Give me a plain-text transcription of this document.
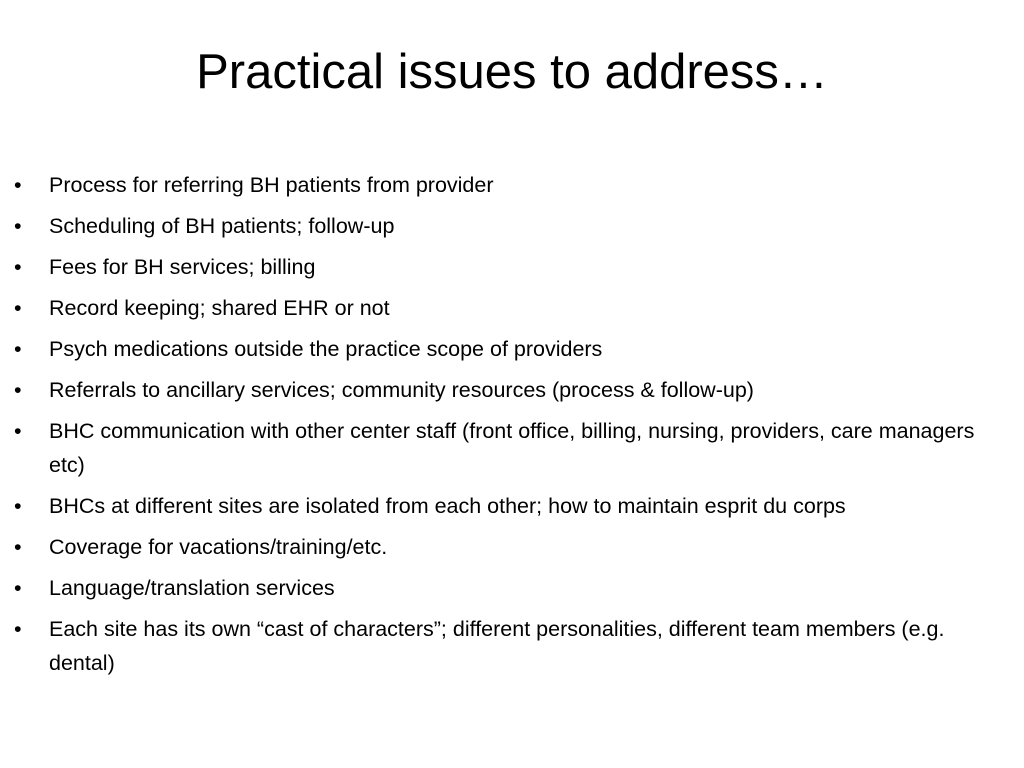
Practical issues to address…
•	Process for referring BH patients from provider
•	Scheduling of BH patients; follow-up
•	Fees for BH services; billing
•	Record keeping; shared EHR or not
•	Psych medications outside the practice scope of providers
•	Referrals to ancillary services; community resources (process & follow-up)
•	BHC communication with other center staff (front office, billing, nursing, providers, care managers etc)
•	BHCs at different sites are isolated from each other; how to maintain esprit du corps
•	Coverage for vacations/training/etc.
•	Language/translation services
•	Each site has its own “cast of characters”; different personalities, different team members (e.g. dental)
